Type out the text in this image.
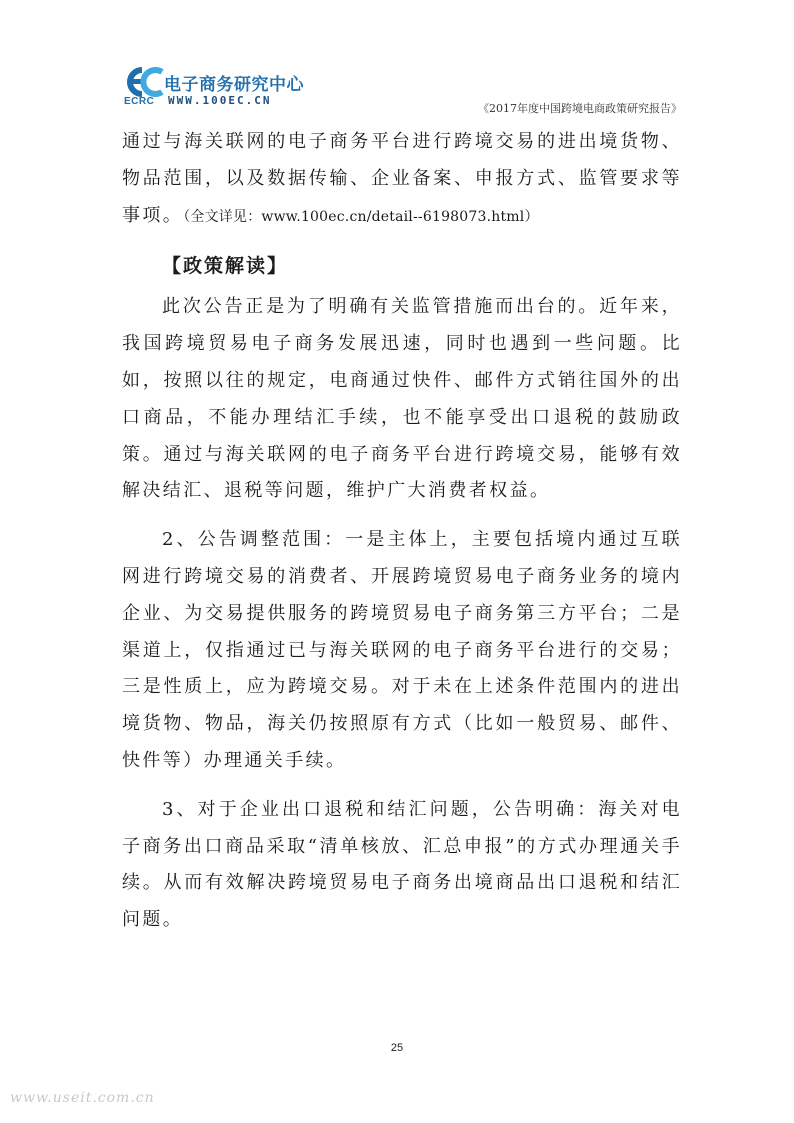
ECRC
电子商务研究中心
WWW.100EC.CN
《2017年度中国跨境电商政策研究报告》

通过与海关联网的电子商务平台进行跨境交易的进出境货物、物品范围，以及数据传输、企业备案、申报方式、监管要求等事项。（全文详见：www.100ec.cn/detail--6198073.html）

【政策解读】

此次公告正是为了明确有关监管措施而出台的。近年来，我国跨境贸易电子商务发展迅速，同时也遇到一些问题。比如，按照以往的规定，电商通过快件、邮件方式销往国外的出口商品，不能办理结汇手续，也不能享受出口退税的鼓励政策。通过与海关联网的电子商务平台进行跨境交易，能够有效解决结汇、退税等问题，维护广大消费者权益。

2、公告调整范围：一是主体上，主要包括境内通过互联网进行跨境交易的消费者、开展跨境贸易电子商务业务的境内企业、为交易提供服务的跨境贸易电子商务第三方平台；二是渠道上，仅指通过已与海关联网的电子商务平台进行的交易；三是性质上，应为跨境交易。对于未在上述条件范围内的进出境货物、物品，海关仍按照原有方式（比如一般贸易、邮件、快件等）办理通关手续。

3、对于企业出口退税和结汇问题，公告明确：海关对电子商务出口商品采取“清单核放、汇总申报”的方式办理通关手续。从而有效解决跨境贸易电子商务出境商品出口退税和结汇问题。

25
www.useit.com.cn
